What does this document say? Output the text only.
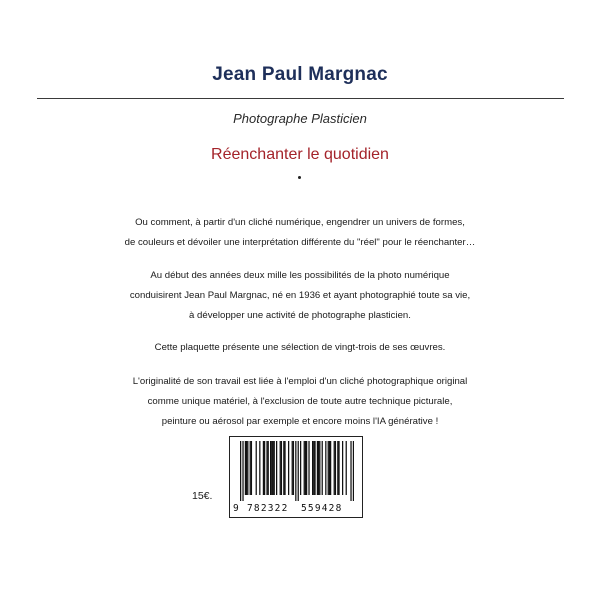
Jean Paul Margnac
Photographe Plasticien
Réenchanter le quotidien
Ou comment, à partir d'un cliché numérique, engendrer un univers de formes,
de couleurs et dévoiler une interprétation différente du "réel" pour le réenchanter…
Au début des années deux mille les possibilités de la photo numérique
conduisirent Jean Paul Margnac, né en 1936 et ayant photographié toute sa vie,
à développer une activité de photographe plasticien.
Cette plaquette présente une sélection de vingt-trois de ses œuvres.
L'originalité de son travail est liée à l'emploi d'un cliché photographique original
comme unique matériel, à l'exclusion de toute autre technique picturale,
peinture ou aérosol par exemple et encore moins l'IA générative !
15€.
9 782322 559428
